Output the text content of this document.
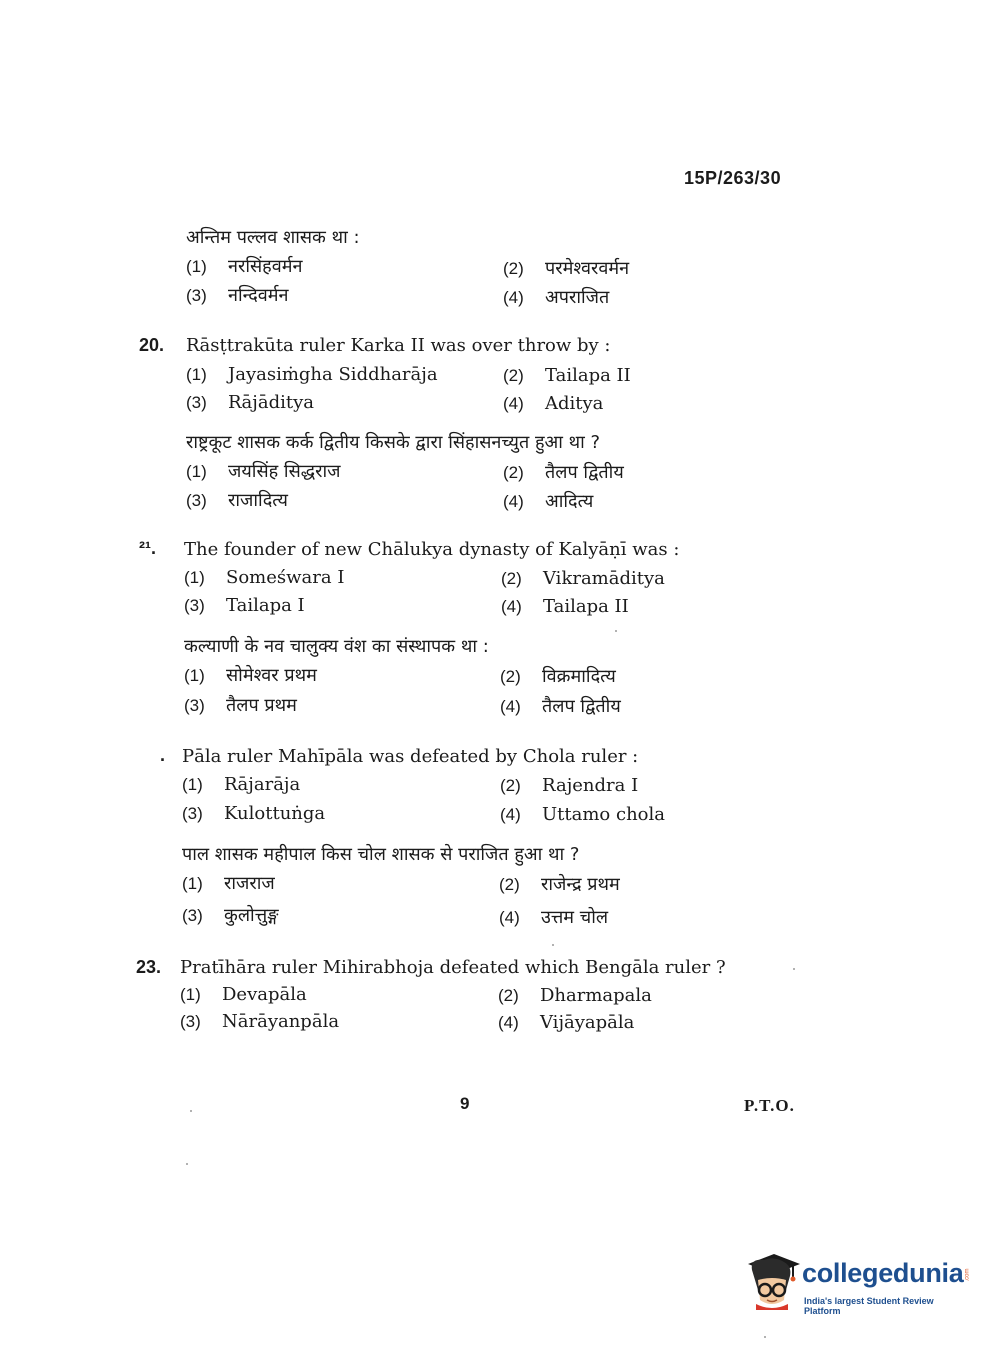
15P/263/30
अन्तिम पल्लव शासक था :
(1) नरसिंहवर्मन	(2) परमेश्वरवर्मन
(3) नन्दिवर्मन	(4) अपराजित
20. Rāsṭtrakūta ruler Karka II was over throw by :
(1) Jayasiṁgha Siddharāja	(2) Tailapa II
(3) Rājāditya	(4) Aditya
राष्ट्रकूट शासक कर्क द्वितीय किसके द्वारा सिंहासनच्युत हुआ था ?
(1) जयसिंह सिद्धराज	(2) तैलप द्वितीय
(3) राजादित्य	(4) आदित्य
²¹. The founder of new Chālukya dynasty of Kalyāṇī was :
(1) Someśwara I	(2) Vikramāditya
(3) Tailapa I	(4) Tailapa II
कल्याणी के नव चालुक्य वंश का संस्थापक था :
(1) सोमेश्वर प्रथम	(2) विक्रमादित्य
(3) तैलप प्रथम	(4) तैलप द्वितीय
. Pāla ruler Mahīpāla was defeated by Chola ruler :
(1) Rājarāja	(2) Rajendra I
(3) Kulottuṅga	(4) Uttamo chola
पाल शासक महीपाल किस चोल शासक से पराजित हुआ था ?
(1) राजराज	(2) राजेन्द्र प्रथम
(3) कुलोत्तुङ्ग	(4) उत्तम चोल
23. Pratīhāra ruler Mihirabhoja defeated which Bengāla ruler ?
(1) Devapāla	(2) Dharmapala
(3) Nārāyanpāla	(4) Vijāyapāla
9	P.T.O.
collegedunia .com
India's largest Student Review Platform
